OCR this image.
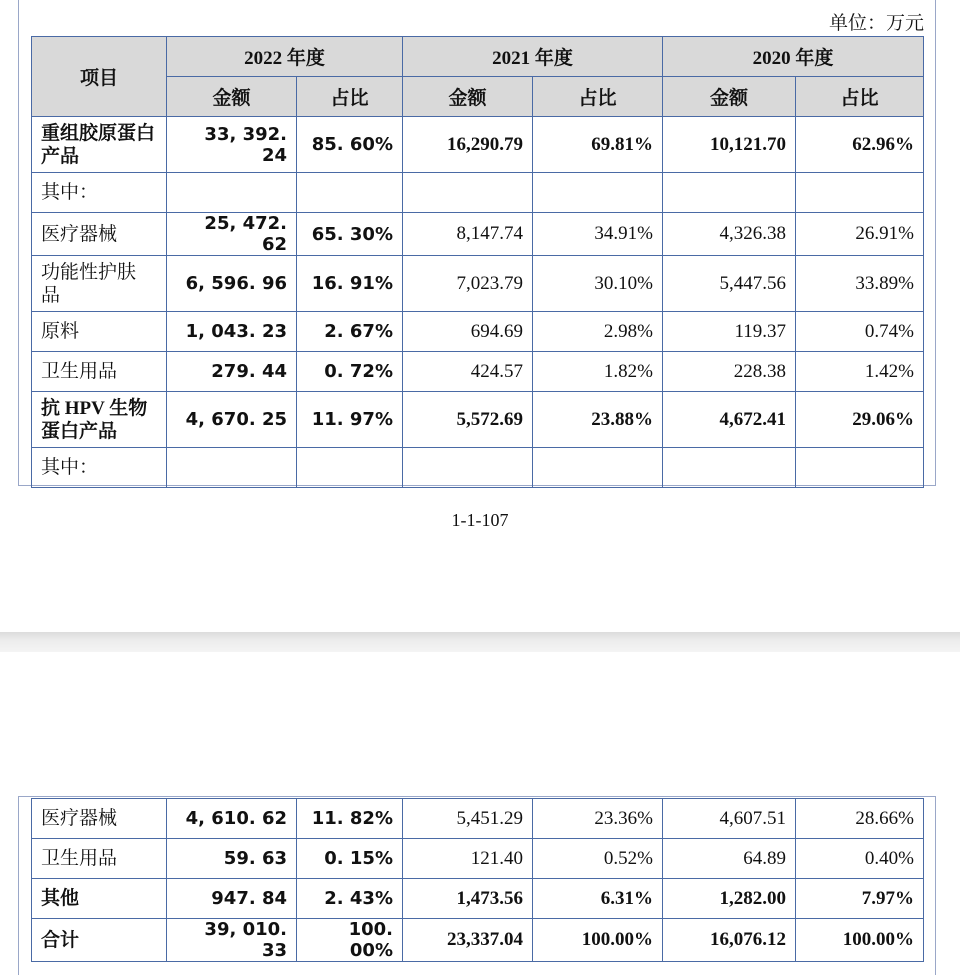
单位：万元
项目	2022 年度		2021 年度		2020 年度	
	金额	占比	金额	占比	金额	占比
重组胶原蛋白产品	33, 392. 24	85. 60%	16,290.79	69.81%	10,121.70	62.96%
其中：						
医疗器械	25, 472. 62	65. 30%	8,147.74	34.91%	4,326.38	26.91%
功能性护肤品	6, 596. 96	16. 91%	7,023.79	30.10%	5,447.56	33.89%
原料	1, 043. 23	2. 67%	694.69	2.98%	119.37	0.74%
卫生用品	279. 44	0. 72%	424.57	1.82%	228.38	1.42%
抗 HPV 生物蛋白产品	4, 670. 25	11. 97%	5,572.69	23.88%	4,672.41	29.06%
其中：						
1-1-107
医疗器械	4, 610. 62	11. 82%	5,451.29	23.36%	4,607.51	28.66%
卫生用品	59. 63	0. 15%	121.40	0.52%	64.89	0.40%
其他	947. 84	2. 43%	1,473.56	6.31%	1,282.00	7.97%
合计	39, 010. 33	100. 00%	23,337.04	100.00%	16,076.12	100.00%
